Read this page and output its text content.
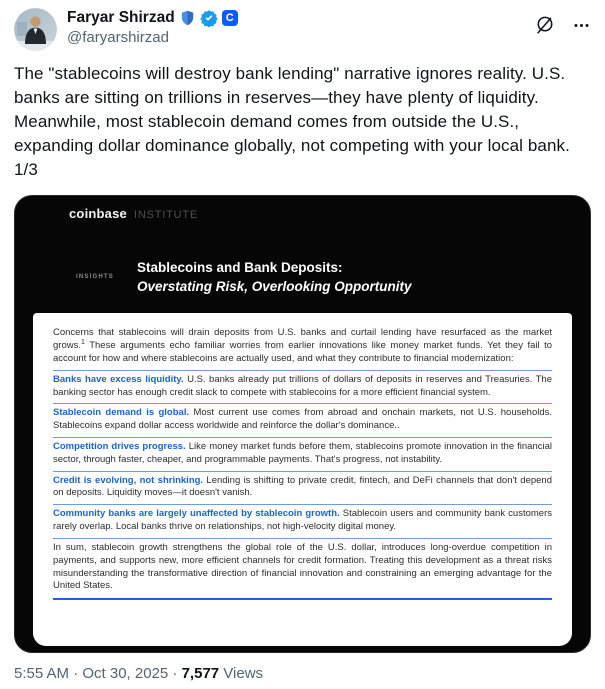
Faryar Shirzad	C
@faryarshirzad
The "stablecoins will destroy bank lending" narrative ignores reality. U.S. banks are sitting on trillions in reserves—they have plenty of liquidity. Meanwhile, most stablecoin demand comes from outside the U.S., expanding dollar dominance globally, not competing with your local bank. 1/3
coinbase INSTITUTE
INSIGHTS
Stablecoins and Bank Deposits:
Overstating Risk, Overlooking Opportunity

Concerns that stablecoins will drain deposits from U.S. banks and curtail lending have resurfaced as the market grows.$^1$ These arguments echo familiar worries from earlier innovations like money market funds. Yet they fail to account for how and where stablecoins are actually used, and what they contribute to financial modernization:

Banks have excess liquidity. U.S. banks already put trillions of dollars of deposits in reserves and Treasuries. The banking sector has enough credit slack to compete with stablecoins for a more efficient financial system.

Stablecoin demand is global. Most current use comes from abroad and onchain markets, not U.S. households. Stablecoins expand dollar access worldwide and reinforce the dollar's dominance..

Competition drives progress. Like money market funds before them, stablecoins promote innovation in the financial sector, through faster, cheaper, and programmable payments. That's progress, not instability.

Credit is evolving, not shrinking. Lending is shifting to private credit, fintech, and DeFi channels that don't depend on deposits. Liquidity moves—it doesn't vanish.

Community banks are largely unaffected by stablecoin growth. Stablecoin users and community bank customers rarely overlap. Local banks thrive on relationships, not high-velocity digital money.

In sum, stablecoin growth strengthens the global role of the U.S. dollar, introduces long-overdue competition in payments, and supports new, more efficient channels for credit formation. Treating this development as a threat risks misunderstanding the transformative direction of financial innovation and constraining an emerging advantage for the United States.

5:55 AM · Oct 30, 2025 · 7,577 Views
